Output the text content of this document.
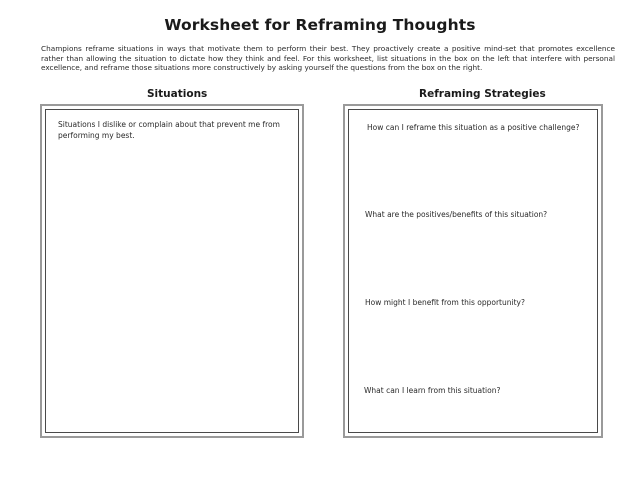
Worksheet for Reframing Thoughts
Champions reframe situations in ways that motivate them to perform their best. They proactively create a positive mind-set that promotes excellence rather than allowing the situation to dictate how they think and feel. For this worksheet, list situations in the box on the left that interfere with personal excellence, and reframe those situations more constructively by asking yourself the questions from the box on the right.
Situations	Reframing Strategies
Situations I dislike or complain about that prevent me from performing my best.
How can I reframe this situation as a positive challenge?
What are the positives/benefits of this situation?
How might I benefit from this opportunity?
What can I learn from this situation?
